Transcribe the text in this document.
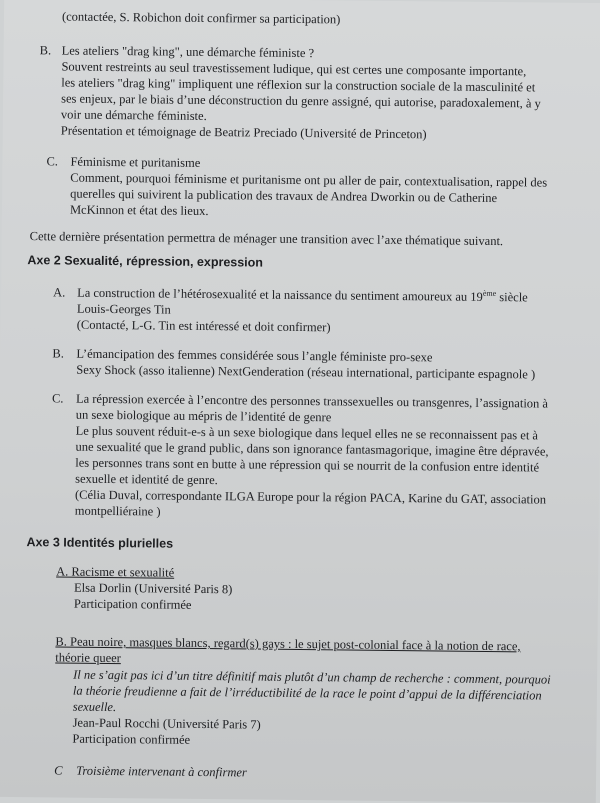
(contactée, S. Robichon doit confirmer sa participation)
B. Les ateliers "drag king", une démarche féministe ?
Souvent restreints au seul travestissement ludique, qui est certes une composante importante,
les ateliers "drag king" impliquent une réflexion sur la construction sociale de la masculinité et
ses enjeux, par le biais d’une déconstruction du genre assigné, qui autorise, paradoxalement, à y
voir une démarche féministe.
Présentation et témoignage de Beatriz Preciado (Université de Princeton)
C. Féminisme et puritanisme
Comment, pourquoi féminisme et puritanisme ont pu aller de pair, contextualisation, rappel des
querelles qui suivirent la publication des travaux de Andrea Dworkin ou de Catherine
McKinnon et état des lieux.
Cette dernière présentation permettra de ménager une transition avec l’axe thématique suivant.
Axe 2 Sexualité, répression, expression
A. La construction de l’hétérosexualité et la naissance du sentiment amoureux au 19ème siècle
Louis-Georges Tin
(Contacté, L-G. Tin est intéressé et doit confirmer)
B. L’émancipation des femmes considérée sous l’angle féministe pro-sexe
Sexy Shock (asso italienne) NextGenderation (réseau international, participante espagnole )
C. La répression exercée à l’encontre des personnes transsexuelles ou transgenres, l’assignation à
un sexe biologique au mépris de l’identité de genre
Le plus souvent réduit-e-s à un sexe biologique dans lequel elles ne se reconnaissent pas et à
une sexualité que le grand public, dans son ignorance fantasmagorique, imagine être dépravée,
les personnes trans sont en butte à une répression qui se nourrit de la confusion entre identité
sexuelle et identité de genre.
(Célia Duval, correspondante ILGA Europe pour la région PACA, Karine du GAT, association
montpelliéraine )
Axe 3 Identités plurielles
A. Racisme et sexualité
Elsa Dorlin (Université Paris 8)
Participation confirmée
B. Peau noire, masques blancs, regard(s) gays : le sujet post-colonial face à la notion de race,
théorie queer
Il ne s’agit pas ici d’un titre définitif mais plutôt d’un champ de recherche : comment, pourquoi
la théorie freudienne a fait de l’irréductibilité de la race le point d’appui de la différenciation
sexuelle.
Jean-Paul Rocchi (Université Paris 7)
Participation confirmée
C Troisième intervenant à confirmer
